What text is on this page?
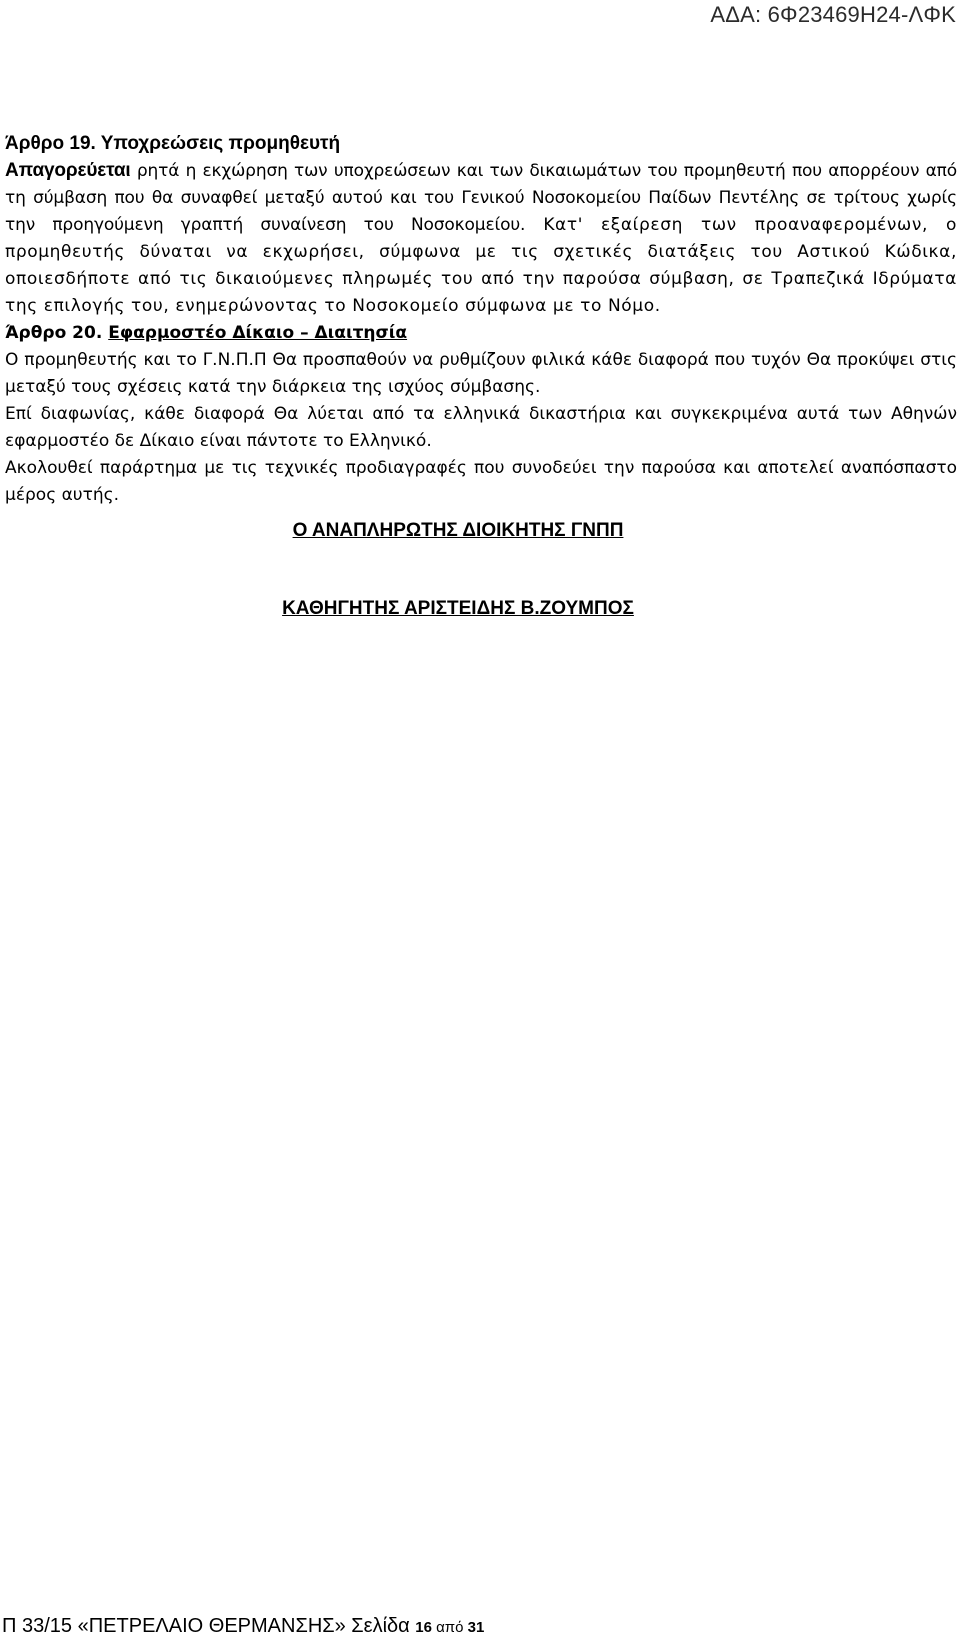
ΑΔΑ: 6Φ23469Η24-ΛΦΚ
Άρθρο 19. Υποχρεώσεις προμηθευτή

Απαγορεύεται ρητά η εκχώρηση των υποχρεώσεων και των δικαιωμάτων του προμηθευτή που απορρέουν από τη σύμβαση που θα συναφθεί μεταξύ αυτού και του Γενικού Νοσοκομείου Παίδων Πεντέλης σε τρίτους χωρίς την προηγούμενη γραπτή συναίνεση του Νοσοκομείου. Κατ' εξαίρεση των προαναφερομένων, ο προμηθευτής δύναται να εκχωρήσει, σύμφωνα με τις σχετικές διατάξεις του Αστικού Κώδικα, οποιεσδήποτε από τις δικαιούμενες πληρωμές του από την παρούσα σύμβαση, σε Τραπεζικά Ιδρύματα της επιλογής του, ενημερώνοντας το Νοσοκομείο σύμφωνα με το Νόμο.

Άρθρο 20. Εφαρμοστέο Δίκαιο – Διαιτησία

Ο προμηθευτής και το Γ.Ν.Π.Π Θα προσπαθούν να ρυθμίζουν φιλικά κάθε διαφορά που τυχόν Θα προκύψει στις μεταξύ τους σχέσεις κατά την διάρκεια της ισχύος σύμβασης.

Επί διαφωνίας, κάθε διαφορά Θα λύεται από τα ελληνικά δικαστήρια και συγκεκριμένα αυτά των Αθηνών εφαρμοστέο δε Δίκαιο είναι πάντοτε το Ελληνικό.

Ακολουθεί παράρτημα με τις τεχνικές προδιαγραφές που συνοδεύει την παρούσα και αποτελεί αναπόσπαστο μέρος αυτής.

Ο ΑΝΑΠΛΗΡΩΤΗΣ ΔΙΟΙΚΗΤΗΣ ΓΝΠΠ
ΚΑΘΗΓΗΤΗΣ ΑΡΙΣΤΕΙΔΗΣ Β.ΖΟΥΜΠΟΣ
Π 33/15 «ΠΕΤΡΕΛΑΙΟ ΘΕΡΜΑΝΣΗΣ» Σελίδα 16 από 31
